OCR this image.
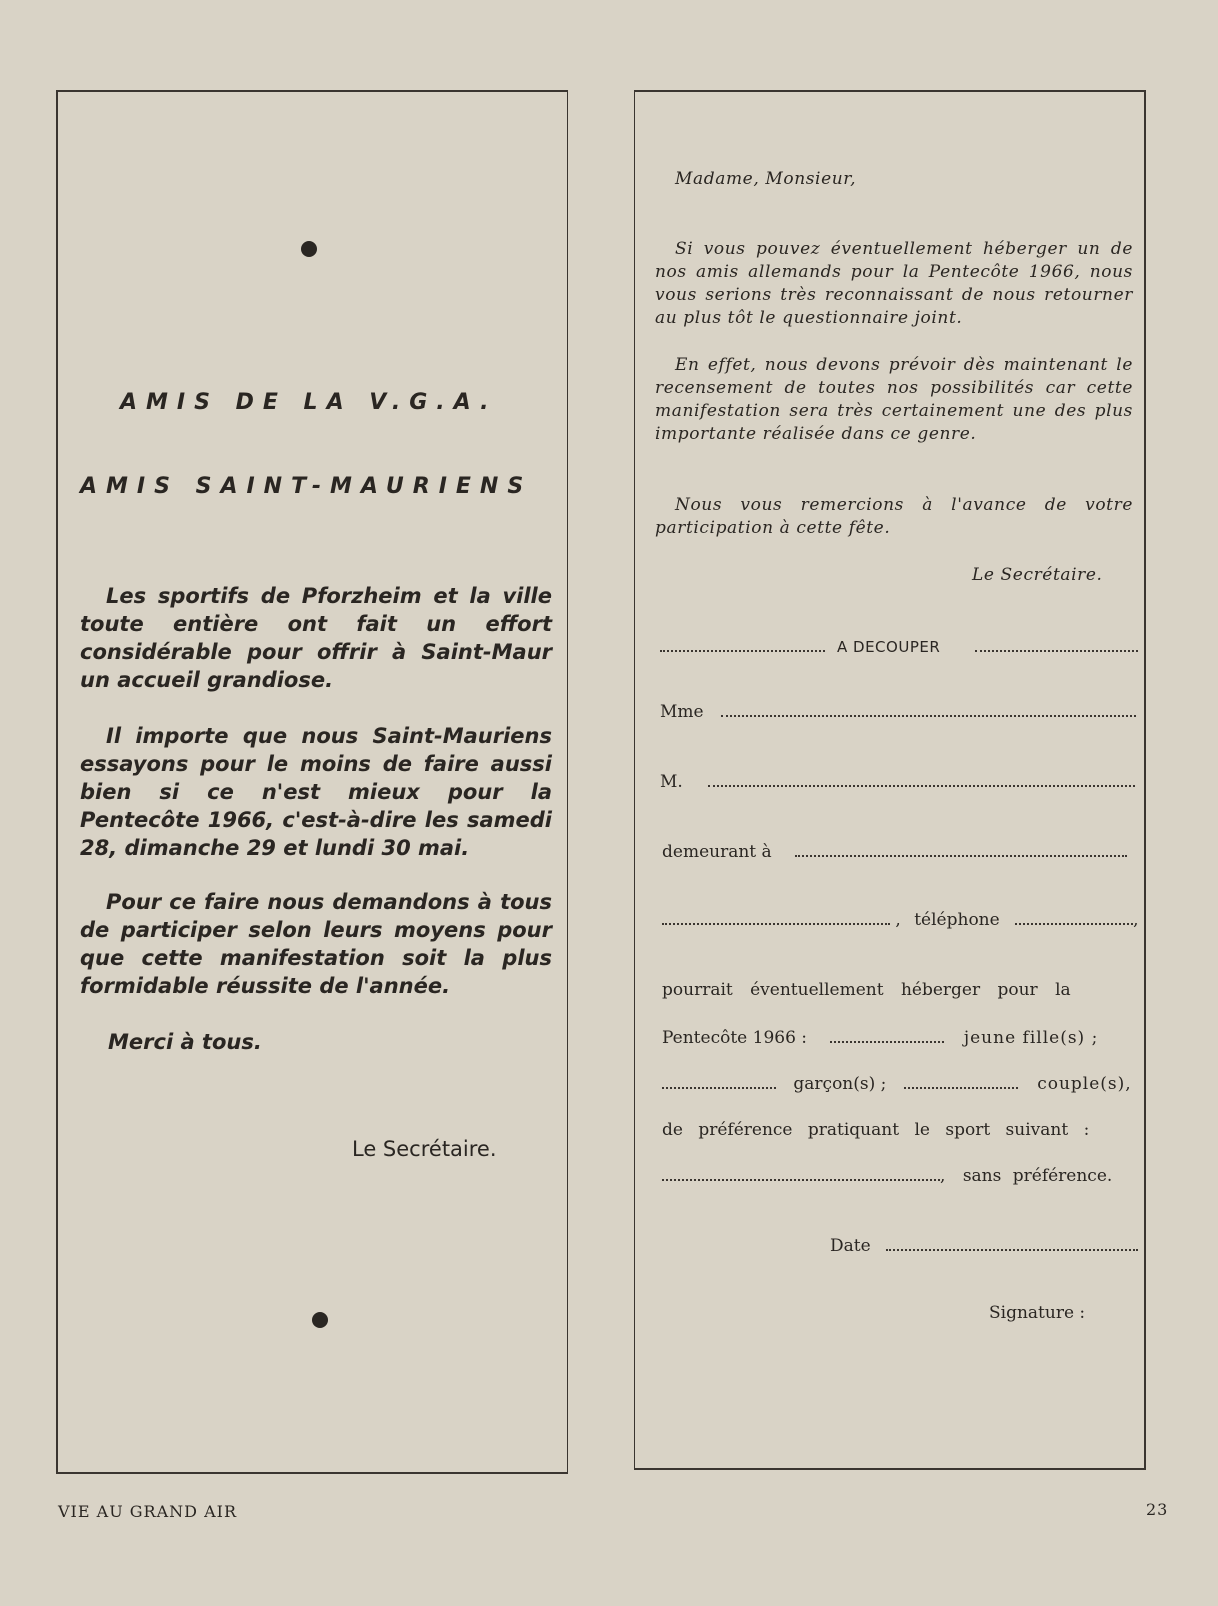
AMIS DE LA V.G.A.

AMIS SAINT-MAURIENS

Les sportifs de Pforzheim et la ville toute entière ont fait un effort considérable pour offrir à Saint-Maur un accueil grandiose.

Il importe que nous Saint-Mauriens essayons pour le moins de faire aussi bien si ce n'est mieux pour la Pentecôte 1966, c'est-à-dire les samedi 28, dimanche 29 et lundi 30 mai.

Pour ce faire nous demandons à tous de participer selon leurs moyens pour que cette manifestation soit la plus formidable réussite de l'année.

Merci à tous.

Le Secrétaire.

Madame, Monsieur,

Si vous pouvez éventuellement héberger un de nos amis allemands pour la Pentecôte 1966, nous vous serions très reconnaissant de nous retourner au plus tôt le questionnaire joint.

En effet, nous devons prévoir dès maintenant le recensement de toutes nos possibilités car cette manifestation sera très certainement une des plus importante réalisée dans ce genre.

Nous vous remercions à l'avance de votre participation à cette fête.

Le Secrétaire.

A DECOUPER
Mme
M.
demeurant à
, téléphone	,
pourrait éventuellement héberger pour la
Pentecôte 1966 :	jeune fille(s) ;
garçon(s) ;	couple(s),
de préférence pratiquant le sport suivant :
, sans préférence.
Date

Signature :

VIE AU GRAND AIR	23
